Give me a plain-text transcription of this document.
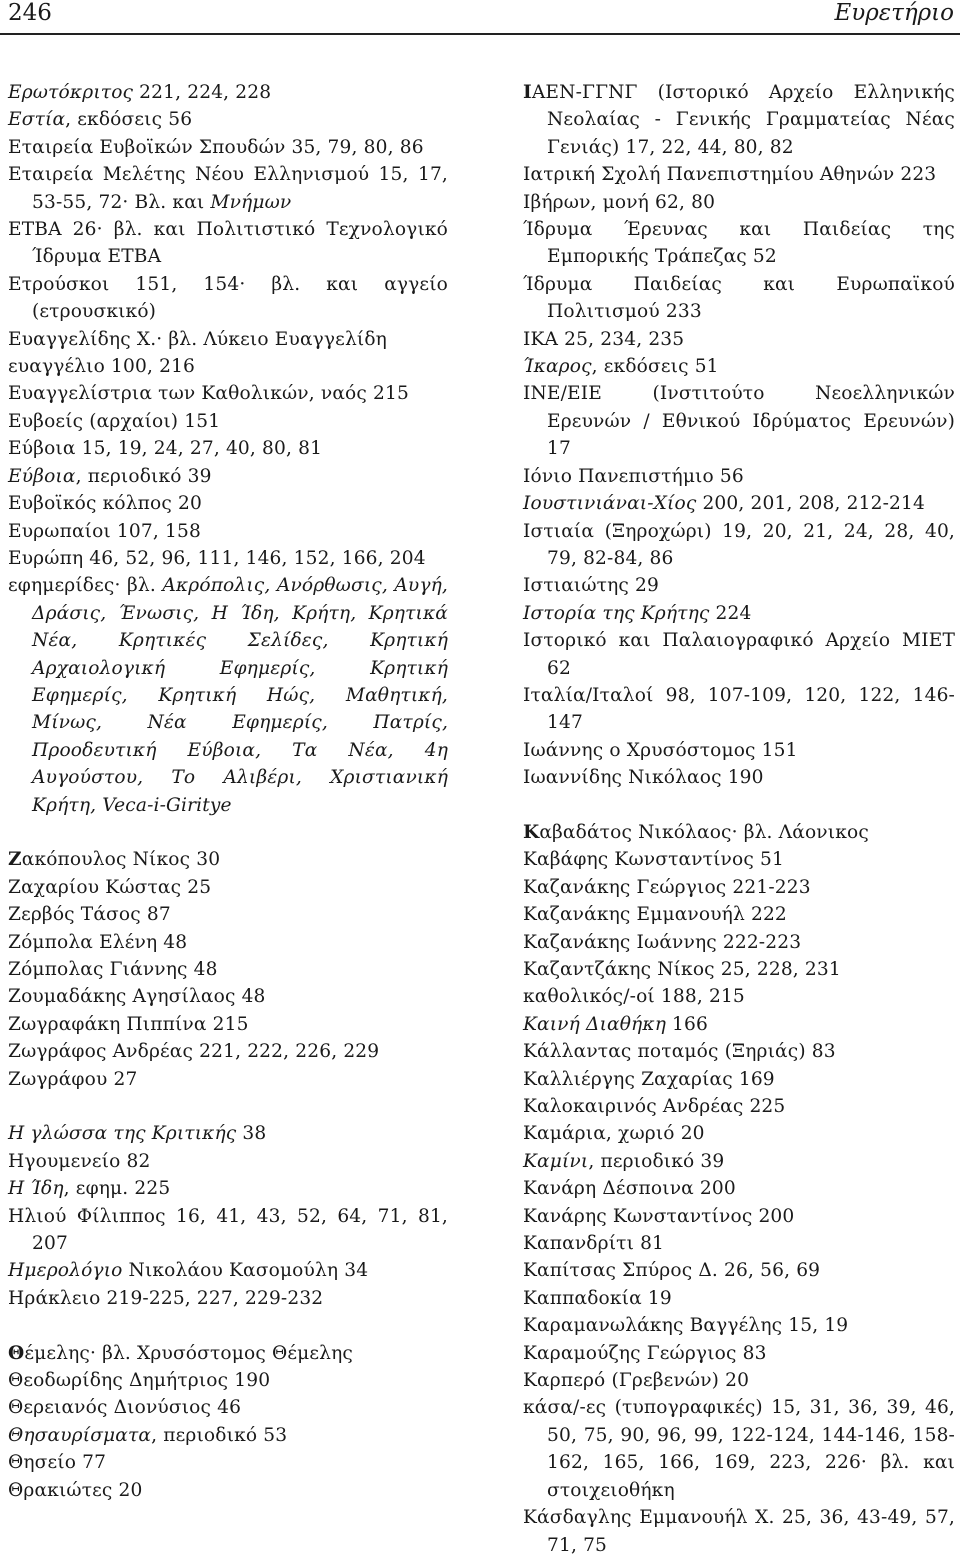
246	Ευρετήριο

Ερωτόκριτος 221, 224, 228

Εστία, εκδόσεις 56

Εταιρεία Ευβοϊκών Σπουδών 35, 79, 80, 86

Εταιρεία Μελέτης Νέου Ελληνισμού 15, 17, 53-55, 72· Βλ. και Μνήμων

ΕΤΒΑ 26· βλ. και Πολιτιστικό Τεχνολογικό Ίδρυμα ΕΤΒΑ

Ετρούσκοι 151, 154· βλ. και αγγείο (ετρουσκικό)

Ευαγγελίδης Χ.· βλ. Λύκειο Ευαγγελίδη

ευαγγέλιο 100, 216

Ευαγγελίστρια των Καθολικών, ναός 215

Ευβοείς (αρχαίοι) 151

Εύβοια 15, 19, 24, 27, 40, 80, 81

Εύβοια, περιοδικό 39

Ευβοϊκός κόλπος 20

Ευρωπαίοι 107, 158

Ευρώπη 46, 52, 96, 111, 146, 152, 166, 204

εφημερίδες· βλ. Ακρόπολις, Ανόρθωσις, Αυγή, Δράσις, Ένωσις, Η Ίδη, Κρήτη, Κρητικά Νέα, Κρητικές Σελίδες, Κρητική Αρχαιολογική Εφημερίς, Κρητική Εφημερίς, Κρητική Ηώς, Μαθητική, Μίνως, Νέα Εφημερίς, Πατρίς, Προοδευτική Εύβοια, Τα Νέα, 4η Αυγούστου, Το Αλιβέρι, Χριστιανική Κρήτη, Veca-i-Giritye

Ζακόπουλος Νίκος 30

Ζαχαρίου Κώστας 25

Ζερβός Τάσος 87

Ζόμπολα Ελένη 48

Ζόμπολας Γιάννης 48

Ζουμαδάκης Αγησίλαος 48

Ζωγραφάκη Πιππίνα 215

Ζωγράφος Ανδρέας 221, 222, 226, 229

Ζωγράφου 27

Η γλώσσα της Κριτικής 38

Ηγουμενείο 82

Η Ίδη, εφημ. 225

Ηλιού Φίλιππος 16, 41, 43, 52, 64, 71, 81, 207

Ημερολόγιο Νικολάου Κασομούλη 34

Ηράκλειο 219-225, 227, 229-232

Θέμελης· βλ. Χρυσόστομος Θέμελης

Θεοδωρίδης Δημήτριος 190

Θερειανός Διονύσιος 46

Θησαυρίσματα, περιοδικό 53

Θησείο 77

Θρακιώτες 20

ΙΑΕΝ-ΓΓΝΓ (Ιστορικό Αρχείο Ελληνικής Νεολαίας - Γενικής Γραμματείας Νέας Γενιάς) 17, 22, 44, 80, 82

Ιατρική Σχολή Πανεπιστημίου Αθηνών 223

Ιβήρων, μονή 62, 80

Ίδρυμα Έρευνας και Παιδείας της Εμπορικής Τράπεζας 52

Ίδρυμα Παιδείας και Ευρωπαϊκού Πολιτισμού 233

ΙΚΑ 25, 234, 235

Ίκαρος, εκδόσεις 51

ΙΝΕ/ΕΙΕ (Ινστιτούτο Νεοελληνικών Ερευνών / Εθνικού Ιδρύματος Ερευνών) 17

Ιόνιο Πανεπιστήμιο 56

Ιουστινιάναι-Χίος 200, 201, 208, 212-214

Ιστιαία (Ξηροχώρι) 19, 20, 21, 24, 28, 40, 79, 82-84, 86

Ιστιαιώτης 29

Ιστορία της Κρήτης 224

Ιστορικό και Παλαιογραφικό Αρχείο ΜΙΕΤ 62

Ιταλία/Ιταλοί 98, 107-109, 120, 122, 146-147

Ιωάννης ο Χρυσόστομος 151

Ιωαννίδης Νικόλαος 190

Καβαδάτος Νικόλαος· βλ. Λάονικος

Καβάφης Κωνσταντίνος 51

Καζανάκης Γεώργιος 221-223

Καζανάκης Εμμανουήλ 222

Καζανάκης Ιωάννης 222-223

Καζαντζάκης Νίκος 25, 228, 231

καθολικός/-οί 188, 215

Καινή Διαθήκη 166

Κάλλαντας ποταμός (Ξηριάς) 83

Καλλιέργης Ζαχαρίας 169

Καλοκαιρινός Ανδρέας 225

Καμάρια, χωριό 20

Καμίνι, περιοδικό 39

Κανάρη Δέσποινα 200

Κανάρης Κωνσταντίνος 200

Καπανδρίτι 81

Καπίτσας Σπύρος Δ. 26, 56, 69

Καππαδοκία 19

Καραμανωλάκης Βαγγέλης 15, 19

Καραμούζης Γεώργιος 83

Καρπερό (Γρεβενών) 20

κάσα/-ες (τυπογραφικές) 15, 31, 36, 39, 46, 50, 75, 90, 96, 99, 122-124, 144-146, 158-162, 165, 166, 169, 223, 226· βλ. και στοιχειοθήκη

Κάσδαγλης Εμμανουήλ Χ. 25, 36, 43-49, 57, 71, 75
